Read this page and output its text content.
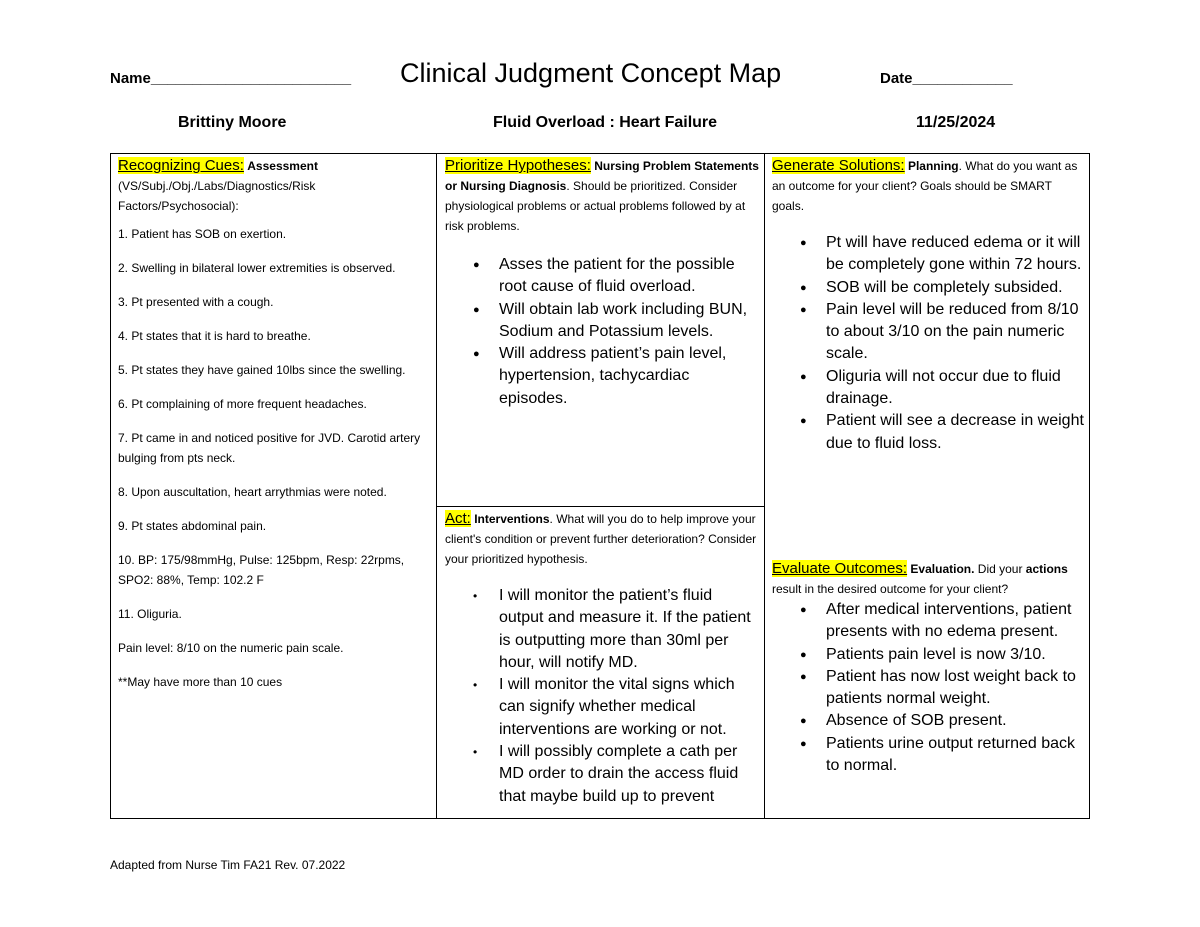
Name________________________ Clinical Judgment Concept Map	Date____________
Brittiny Moore	Fluid Overload : Heart Failure	11/25/2024
Recognizing Cues: Assessment

(VS/Subj./Obj./Labs/Diagnostics/Risk Factors/Psychosocial):

1. Patient has SOB on exertion.

2. Swelling in bilateral lower extremities is observed.

3. Pt presented with a cough.

4. Pt states that it is hard to breathe.

5. Pt states they have gained 10lbs since the swelling.

6. Pt complaining of more frequent headaches.

7. Pt came in and noticed positive for JVD. Carotid artery bulging from pts neck.

8. Upon auscultation, heart arrythmias were noted.

9. Pt states abdominal pain.

10. BP: 175/98mmHg, Pulse: 125bpm, Resp: 22rpms, SPO2: 88%, Temp: 102.2 F

11. Oliguria.

Pain level: 8/10 on the numeric pain scale.

**May have more than 10 cues

Prioritize Hypotheses: Nursing Problem Statements or Nursing Diagnosis. Should be prioritized. Consider physiological problems or actual problems followed by at risk problems.
● Asses the patient for the possible root cause of fluid overload.
● Will obtain lab work including BUN, Sodium and Potassium levels.
● Will address patient’s pain level, hypertension, tachycardiac episodes.
Act: Interventions. What will you do to help improve your client's condition or prevent further deterioration? Consider your prioritized hypothesis.
• I will monitor the patient’s fluid output and measure it. If the patient is outputting more than 30ml per hour, will notify MD.
• I will monitor the vital signs which can signify whether medical interventions are working or not.
• I will possibly complete a cath per MD order to drain the access fluid that maybe build up to prevent
Generate Solutions: Planning. What do you want as an outcome for your client? Goals should be SMART goals.
● Pt will have reduced edema or it will be completely gone within 72 hours.
● SOB will be completely subsided.
● Pain level will be reduced from 8/10 to about 3/10 on the pain numeric scale.
● Oliguria will not occur due to fluid drainage.
● Patient will see a decrease in weight due to fluid loss.
Evaluate Outcomes: Evaluation. Did your actions result in the desired outcome for your client?
● After medical interventions, patient presents with no edema present.
● Patients pain level is now 3/10.
● Patient has now lost weight back to patients normal weight.
● Absence of SOB present.
● Patients urine output returned back to normal.
Adapted from Nurse Tim FA21 Rev. 07.2022
